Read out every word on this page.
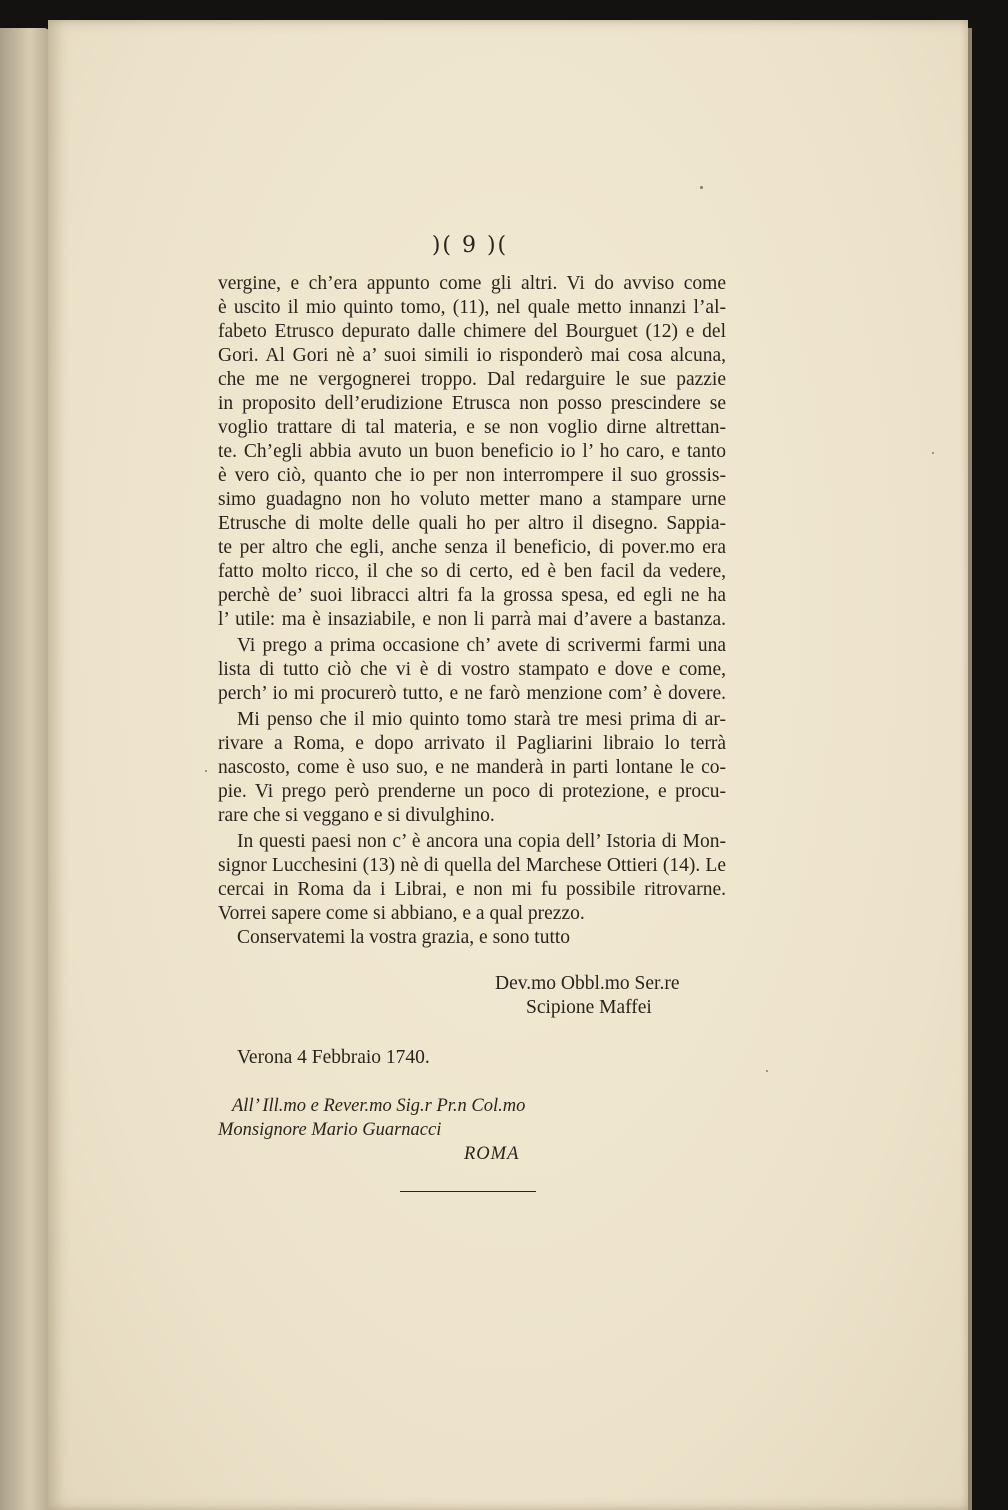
)( 9 )(
vergine, e ch’era appunto come gli altri. Vi do avviso come
è uscito il mio quinto tomo, (11), nel quale metto innanzi l’al-
fabeto Etrusco depurato dalle chimere del Bourguet (12) e del
Gori. Al Gori nè a’ suoi simili io risponderò mai cosa alcuna,
che me ne vergognerei troppo. Dal redarguire le sue pazzie
in proposito dell’erudizione Etrusca non posso prescindere se
voglio trattare di tal materia, e se non voglio dirne altrettan-
te. Ch’egli abbia avuto un buon beneficio io l’ ho caro, e tanto
è vero ciò, quanto che io per non interrompere il suo grossis-
simo guadagno non ho voluto metter mano a stampare urne
Etrusche di molte delle quali ho per altro il disegno. Sappia-
te per altro che egli, anche senza il beneficio, di pover.mo era
fatto molto ricco, il che so di certo, ed è ben facil da vedere,
perchè de’ suoi libracci altri fa la grossa spesa, ed egli ne ha
l’ utile: ma è insaziabile, e non li parrà mai d’avere a bastanza.
Vi prego a prima occasione ch’ avete di scrivermi farmi una
lista di tutto ciò che vi è di vostro stampato e dove e come,
perch’ io mi procurerò tutto, e ne farò menzione com’ è dovere.
Mi penso che il mio quinto tomo starà tre mesi prima di ar-
rivare a Roma, e dopo arrivato il Pagliarini libraio lo terrà
nascosto, come è uso suo, e ne manderà in parti lontane le co-
pie. Vi prego però prenderne un poco di protezione, e procu-
rare che si veggano e si divulghino.
In questi paesi non c’ è ancora una copia dell’ Istoria di Mon-
signor Lucchesini (13) nè di quella del Marchese Ottieri (14). Le
cercai in Roma da i Librai, e non mi fu possibile ritrovarne.
Vorrei sapere come si abbiano, e a qual prezzo.
Conservatemi la vostra grazia, e sono tutto
Dev.mo Obbl.mo Ser.re
Scipione Maffei
Verona 4 Febbraio 1740.
All’ Ill.mo e Rever.mo Sig.r Pr.n Col.mo
Monsignore Mario Guarnacci
ROMA
